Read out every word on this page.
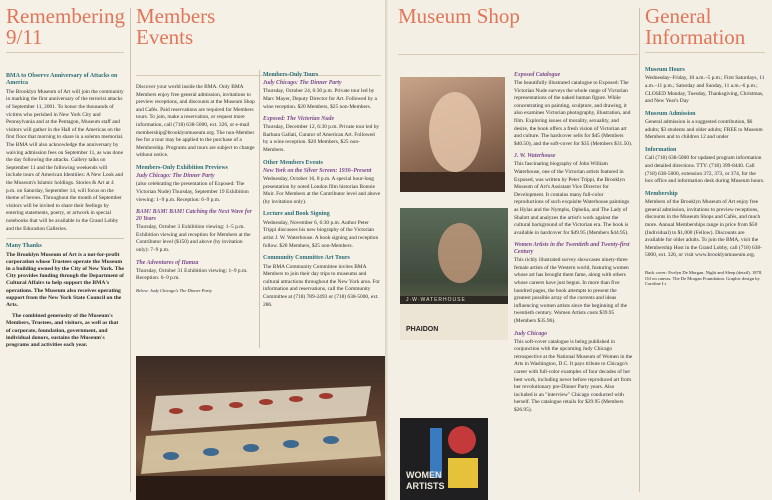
Remembering
9/11

BMA to Observe Anniversary of Attacks on America

The Brooklyn Museum of Art will join the community in marking the first anniversary of the terrorist attacks of September 11, 2001. To honor the thousands of victims who perished in New York City and Pennsylvania and at the Pentagon, Museum staff and visitors will gather in the Hall of the Americas on the first floor that morning to share in a solemn memorial. The BMA will also acknowledge the anniversary by waiving admission fees on September 11, as was done the day following the attacks. Gallery talks on September 11 and the following weekends will include tours of American Identities: A New Look and the Museum's Islamic holdings. Stories & Art at 4 p.m. on Saturday, September 14, will focus on the theme of heroes. Throughout the month of September visitors will be invited to share their feelings by entering statements, poetry, or artwork in special notebooks that will be available in the Grand Lobby and the Education Galleries.

Many Thanks

The Brooklyn Museum of Art is a not-for-profit corporation whose Trustees operate the Museum in a building owned by the City of New York. The City provides funding through the Department of Cultural Affairs to help support the BMA's operations. The Museum also receives operating support from the New York State Council on the Arts.

The combined generosity of the Museum's Members, Trustees, and visitors, as well as that of corporate, foundation, government, and individual donors, sustains the Museum's programs and activities each year.

Members Events

Discover your world inside the BMA. Only BMA Members enjoy free general admission, invitations to preview receptions, and discounts at the Museum Shop and Cafés. Paid reservations are required for Members tours. To join, make a reservation, or request more information, call (718) 638-5000, ext. 326, or e-mail membership@brooklynmuseum.org. The non-Member fee for a tour may be applied to the purchase of a Membership. Programs and tours are subject to change without notice.

Members-Only Exhibition Previews

Judy Chicago: The Dinner Party

(also celebrating the presentation of Exposed: The Victorian Nude) Thursday, September 19 Exhibition viewing: 1–9 p.m. Reception: 6–9 p.m.

BAM! BAM! BAM! Catching the Next Wave for 20 Years

Thursday, October 3 Exhibition viewing: 1–5 p.m. Exhibition viewing and reception for Members at the Contributor level ($150) and above (by invitation only): 7–9 p.m.

The Adventures of Hamza

Thursday, October 31 Exhibition viewing: 1–9 p.m. Reception: 6–9 p.m.

Below: Judy Chicago's The Dinner Party

Members-Only Tours

Judy Chicago: The Dinner Party

Thursday, October 24, 6:30 p.m. Private tour led by Marc Mayer, Deputy Director for Art. Followed by a wine reception. $20 Members, $25 non-Members.

Exposed: The Victorian Nude

Thursday, December 12, 6:30 p.m. Private tour led by Barbara Gallati, Curator of American Art. Followed by a wine reception. $20 Members, $25 non-Members.

Other Members Events

New York on the Silver Screen: 1930–Present

Wednesday, October 16, 8 p.m. A special hour-long presentation by noted London film historian Bonnie Muir. For Members at the Contributor level and above (by invitation only).

Lecture and Book Signing

Wednesday, November 6, 6:30 p.m. Author Peter Trippi discusses his new biography of the Victorian artist J. W. Waterhouse. A book signing and reception follow. $20 Members, $25 non-Members.

Community Committee Art Tours

The BMA Community Committee invites BMA Members to join their day trips to museums and cultural attractions throughout the New York area. For information and reservations, call the Community Committee at (718) 789-2493 or (718) 638-5000, ext. 286.

Museum Shop
J·W·WATERHOUSE
PHAIDON
WOMEN
ARTISTS

Exposed Catalogue

The beautifully illustrated catalogue to Exposed: The Victorian Nude surveys the whole range of Victorian representations of the naked human figure. While concentrating on painting, sculpture, and drawing, it also examines Victorian photography, illustration, and film. Exploring issues of morality, sexuality, and desire, the book offers a fresh vision of Victorian art and culture. The hardcover sells for $45 (Members $40.50), and the soft-cover for $35 (Members $31.50).

J. W. Waterhouse

This fascinating biography of John William Waterhouse, one of the Victorian artists featured in Exposed, was written by Peter Trippi, the Brooklyn Museum of Art's Assistant Vice Director for Development. It contains many full-color reproductions of such exquisite Waterhouse paintings as Hylas and the Nymphs, Ophelia, and The Lady of Shalott and analyzes the artist's work against the cultural background of the Victorian era. The book is available in hardcover for $49.95 (Members $44.95).

Women Artists in the Twentieth and Twenty-first Century

This richly illustrated survey showcases ninety-three female artists of the Western world, featuring women whose art has brought them fame, along with others whose careers have just begun. In more than five hundred pages, the book attempts to present the greatest possible array of the currents and ideas influencing women artists since the beginning of the twentieth century. Women Artists costs $39.95 (Members $35.96).

Judy Chicago

This soft-cover catalogue is being published in conjunction with the upcoming Judy Chicago retrospective at the National Museum of Women in the Arts in Washington, D.C. It pays tribute to Chicago's career with full-color examples of four decades of her best work, including never before reproduced art from her revolutionary pre-Dinner Party years. Also included is an "interview" Chicago conducted with herself. The catalogue retails for $29.95 (Members $26.95).

General
Information

Museum Hours

Wednesday–Friday, 10 a.m.–5 p.m.; First Saturdays, 11 a.m.–11 p.m.; Saturday and Sunday, 11 a.m.–6 p.m.; CLOSED Monday, Tuesday, Thanksgiving, Christmas, and New Year's Day

Museum Admission

General admission is a suggested contribution, $6 adults; $3 students and older adults; FREE to Museum Members and to children 12 and under

Information

Call (718) 638-5000 for updated program information and detailed directions. TTY: (718) 399-8440. Call (718) 638-5000, extension 372, 373, or 374, for the box office and information desk during Museum hours.

Membership

Members of the Brooklyn Museum of Art enjoy free general admission, invitations to preview receptions, discounts in the Museum Shops and Cafés, and much more. Annual Memberships range in price from $50 (Individual) to $1,000 (Fellow). Discounts are available for older adults. To join the BMA, visit the Membership Host in the Grand Lobby, call (718) 638-5000, ext. 326, or visit www.brooklynmuseum.org.

Back cover: Evelyn De Morgan, Night and Sleep (detail), 1878. Oil on canvas. The De Morgan Foundation. Graphic design by Caroline Li
